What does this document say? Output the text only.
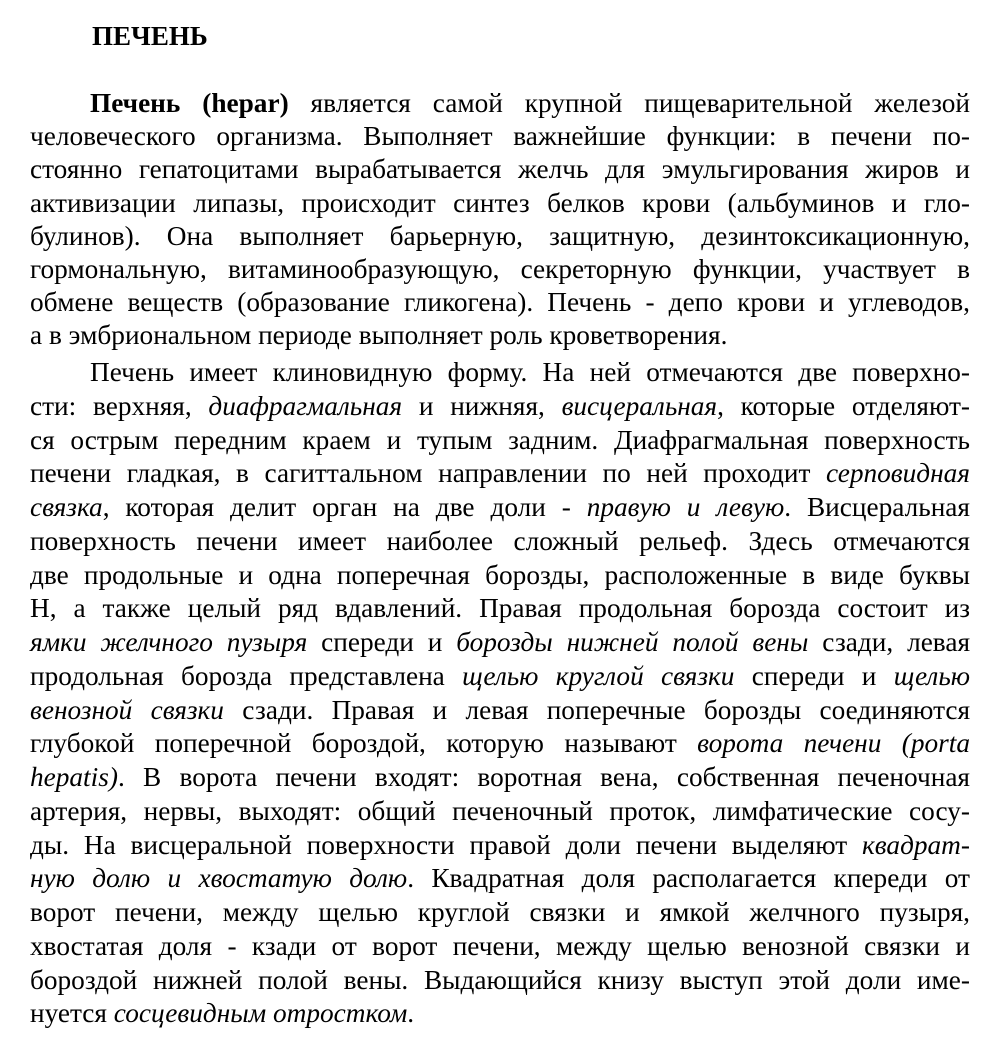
ПЕЧЕНЬ
Печень (hepar) является самой крупной пищеварительной железой
человеческого организма. Выполняет важнейшие функции: в печени по-
стоянно гепатоцитами вырабатывается желчь для эмульгирования жиров и
активизации липазы, происходит синтез белков крови (альбуминов и гло-
булинов). Она выполняет барьерную, защитную, дезинтоксикационную,
гормональную, витаминообразующую, секреторную функции, участвует в
обмене веществ (образование гликогена). Печень - депо крови и углеводов,
а в эмбриональном периоде выполняет роль кроветворения.
Печень имеет клиновидную форму. На ней отмечаются две поверхно-
сти: верхняя, диафрагмальная и нижняя, висцеральная, которые отделяют-
ся острым передним краем и тупым задним. Диафрагмальная поверхность
печени гладкая, в сагиттальном направлении по ней проходит серповидная
связка, которая делит орган на две доли - правую и левую. Висцеральная
поверхность печени имеет наиболее сложный рельеф. Здесь отмечаются
две продольные и одна поперечная борозды, расположенные в виде буквы
Н, а также целый ряд вдавлений. Правая продольная борозда состоит из
ямки желчного пузыря спереди и борозды нижней полой вены сзади, левая
продольная борозда представлена щелью круглой связки спереди и щелью
венозной связки сзади. Правая и левая поперечные борозды соединяются
глубокой поперечной бороздой, которую называют ворота печени (porta
hepatis). В ворота печени входят: воротная вена, собственная печеночная
артерия, нервы, выходят: общий печеночный проток, лимфатические сосу-
ды. На висцеральной поверхности правой доли печени выделяют квадрат-
ную долю и хвостатую долю. Квадратная доля располагается кпереди от
ворот печени, между щелью круглой связки и ямкой желчного пузыря,
хвостатая доля - кзади от ворот печени, между щелью венозной связки и
бороздой нижней полой вены. Выдающийся книзу выступ этой доли име-
нуется сосцевидным отростком.
